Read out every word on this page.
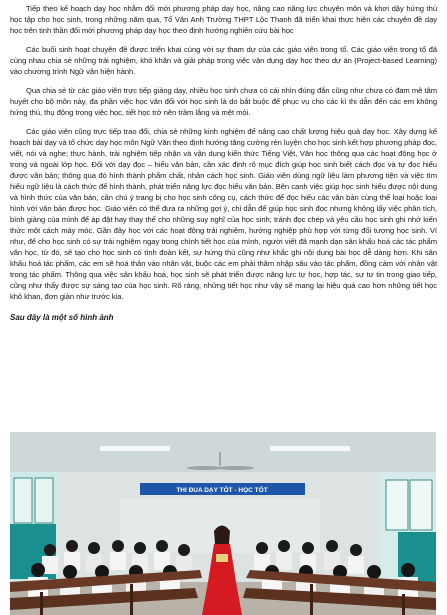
Tiếp theo kế hoạch dạy học nhằm đổi mới phương pháp dạy học, nâng cao năng lực chuyên môn và khơi dậy hứng thú học tập cho học sinh, trong những năm qua, Tổ Văn Anh Trường THPT Lộc Thanh đã triển khai thực hiện các chuyên đề dạy học trên tinh thần đổi mới phương pháp dạy học theo định hướng nghiên cứu bài học

Các buổi sinh hoạt chuyên đề được triển khai cùng với sự tham dự của các giáo viên trong tổ. Các giáo viên trong tổ đã cùng nhau chia sẻ những trải nghiệm, khó khăn và giải pháp trong việc vận dụng dạy học theo dự án (Project-based Learning) vào chương trình Ngữ văn hiện hành.

Qua chia sẻ từ các giáo viên trực tiếp giảng dạy, nhiều học sinh chưa có cái nhìn đúng đắn cũng như chưa có đam mê tâm huyết cho bộ môn này, đa phần việc học văn đối với học sinh là do bắt buộc để phục vụ cho các kì thi dẫn đến các em không hứng thú, thụ động trong việc học, tiết học trở nên trầm lắng và mệt mỏi.

Các giáo viên cũng trực tiếp trao đổi, chia sẻ những kinh nghiệm để nâng cao chất lượng hiệu quả dạy học. Xây dựng kế hoạch bài dạy và tổ chức dạy học môn Ngữ Văn theo định hướng tăng cường rèn luyện cho học sinh kết hợp phương pháp đọc, viết, nói và nghe; thực hành, trải nghiệm tiếp nhận và vận dụng kiến thức Tiếng Việt, Văn học thông qua các hoạt động học ở trong và ngoài lớp học. Đối với dạy đọc – hiểu văn bản, cần xác định rõ mục đích giúp học sinh biết cách đọc và tự đọc hiểu được văn bản; thông qua đó hình thành phẩm chất, nhân cách học sinh. Giáo viên dùng ngữ liệu làm phương tiện và việc tìm hiểu ngữ liệu là cách thức để hình thành, phát triển năng lực đọc hiểu văn bản. Bên cạnh việc giúp học sinh hiểu được nội dung và hình thức của văn bản, cần chú ý trang bị cho học sinh công cụ, cách thức để đọc hiểu các văn bản cùng thể loại hoặc loại hình với văn bản được học. Giáo viên có thể đưa ra những gợi ý, chỉ dẫn để giúp học sinh đọc nhưng không lấy việc phân tích, bình giảng của mình để áp đặt hay thay thế cho những suy nghĩ của học sinh; tránh đọc chép và yêu cầu học sinh ghi nhớ kiến thức một cách máy móc. Gần đây học với các hoạt động trải nghiệm, hướng nghiệp phù hợp với từng đối tượng học sinh. Ví như, để cho học sinh có sự trải nghiệm ngay trong chính tiết học của mình, người viết đã mạnh dạn sân khấu hoá các tác phẩm văn học, từ đó, sẽ tạo cho học sinh có tính đoàn kết, sự hứng thú cũng như khắc ghi nội dung bài học dễ dàng hơn. Khi sân khấu hoá tác phẩm, các em sẽ hoá thân vào nhân vật, buộc các em phải thâm nhập sâu vào tác phẩm, đồng cảm với nhân vật trong tác phẩm. Thông qua việc sân khấu hoá, học sinh sẽ phát triển được năng lực tự học, hợp tác, sự tư tin trong giao tiếp, cũng như thấy được sự sáng tạo của học sinh. Rõ ràng, những tiết học như vậy sẽ mang lại hiệu quả cao hơn những tiết học khô khan, đơn giản như trước kia.

Sau đây là một số hình ảnh

THI ĐUA DẠY TỐT - HỌC TỐT
